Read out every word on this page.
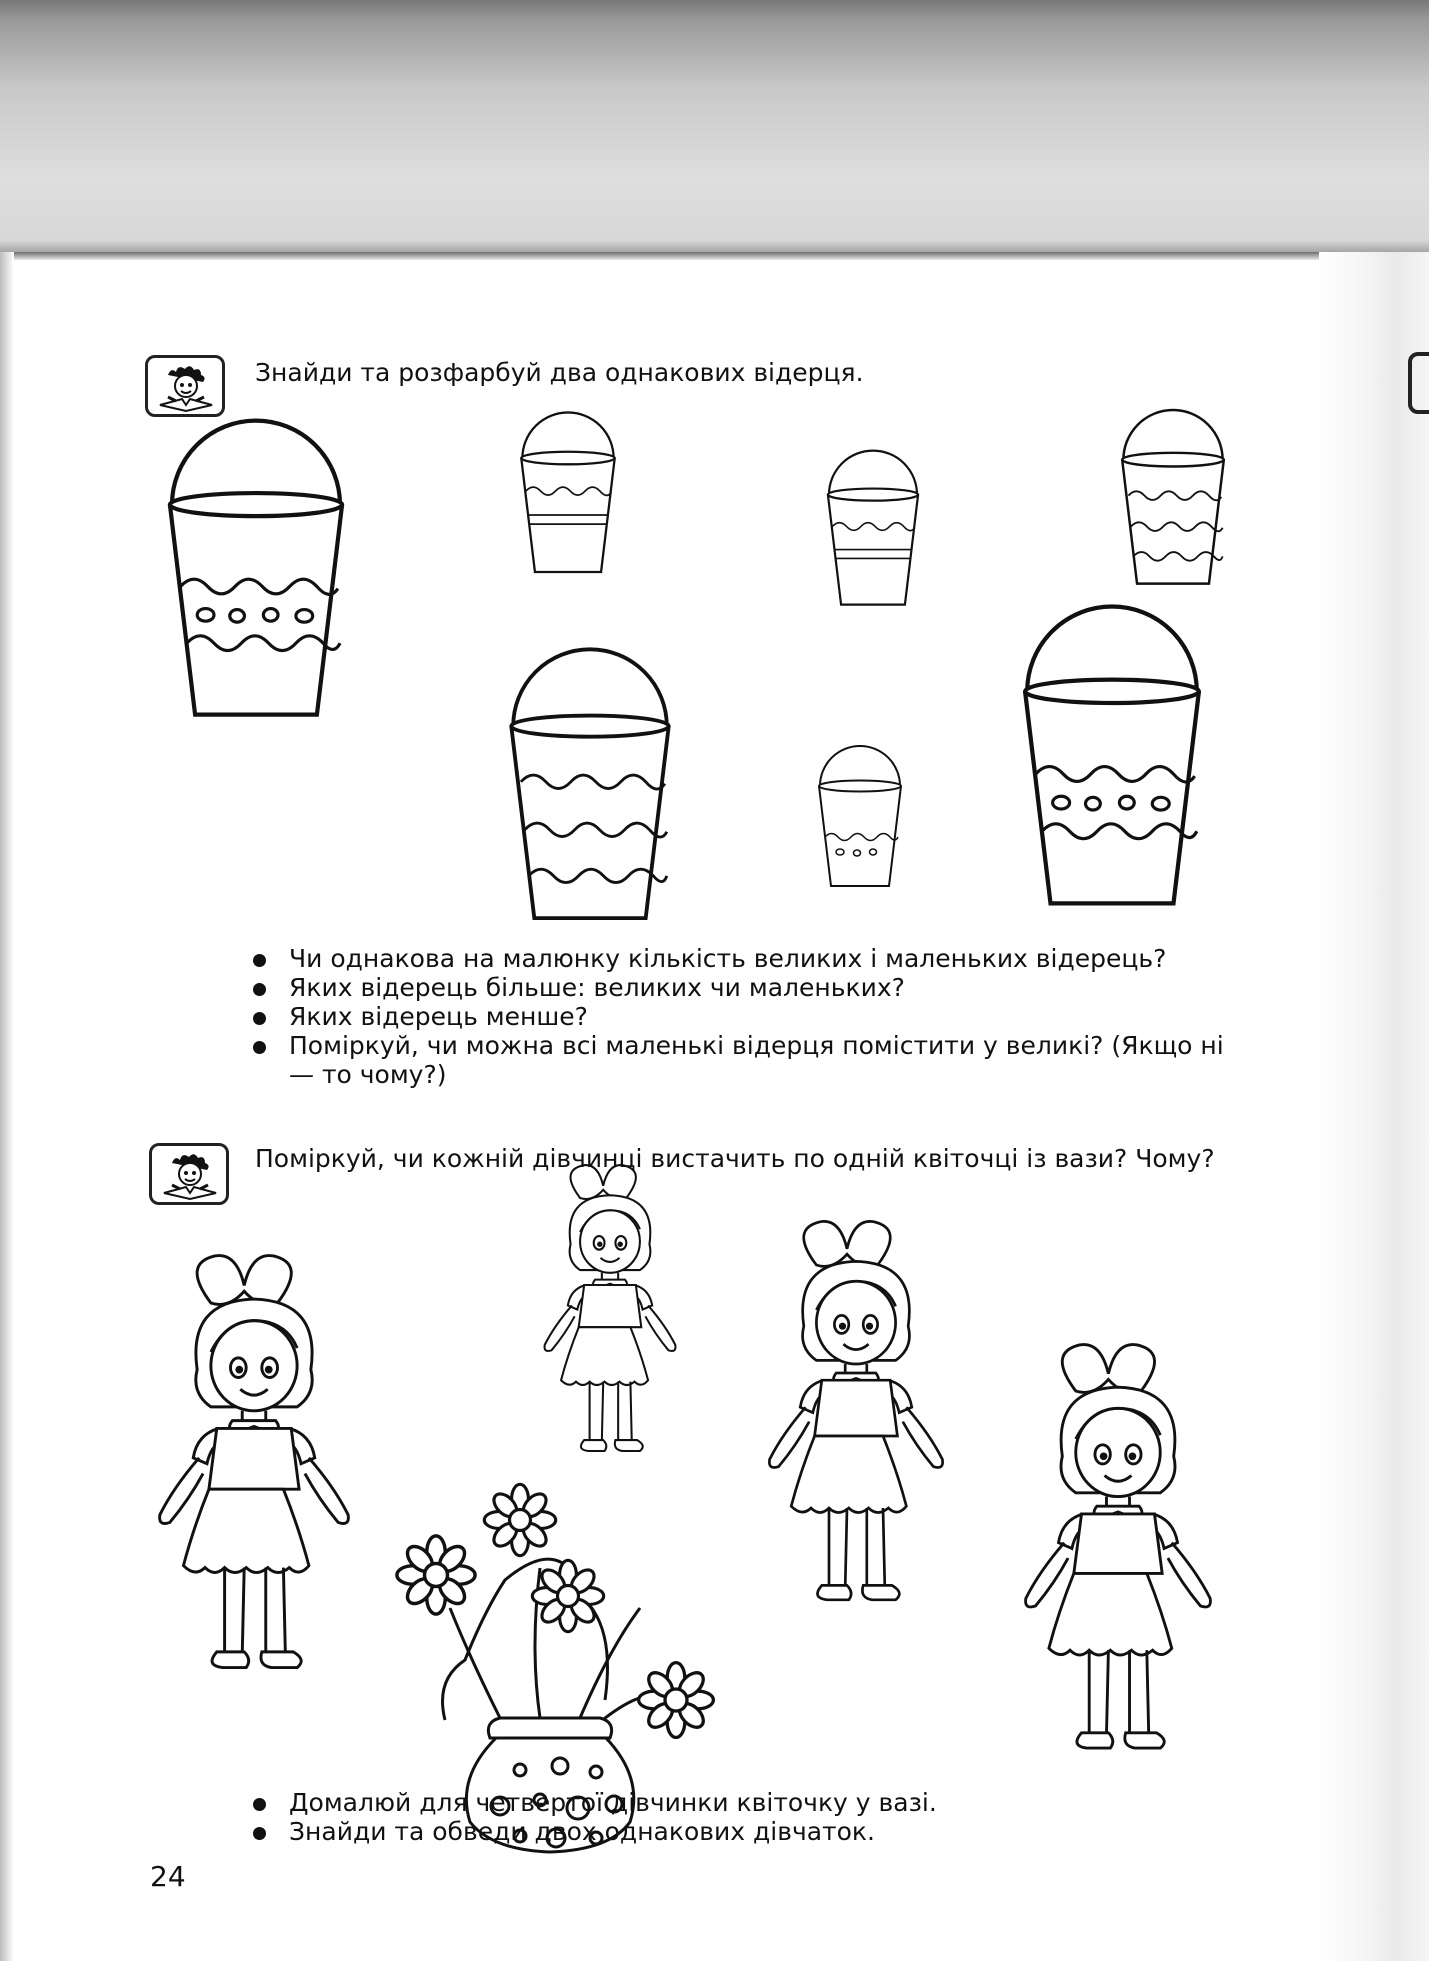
Знайди та розфарбуй два однакових відерця.
Чи однакова на малюнку кількість великих і маленьких відерець?
Яких відерець більше: великих чи маленьких?
Яких відерець менше?
Поміркуй, чи можна всі маленькі відерця помістити у великі? (Якщо ні — то чому?)
Поміркуй, чи кожній дівчинці вистачить по одній квіточці із вази? Чому?
Домалюй для четвертої дівчинки квіточку у вазі.
Знайди та обведи двох однакових дівчаток.
24
